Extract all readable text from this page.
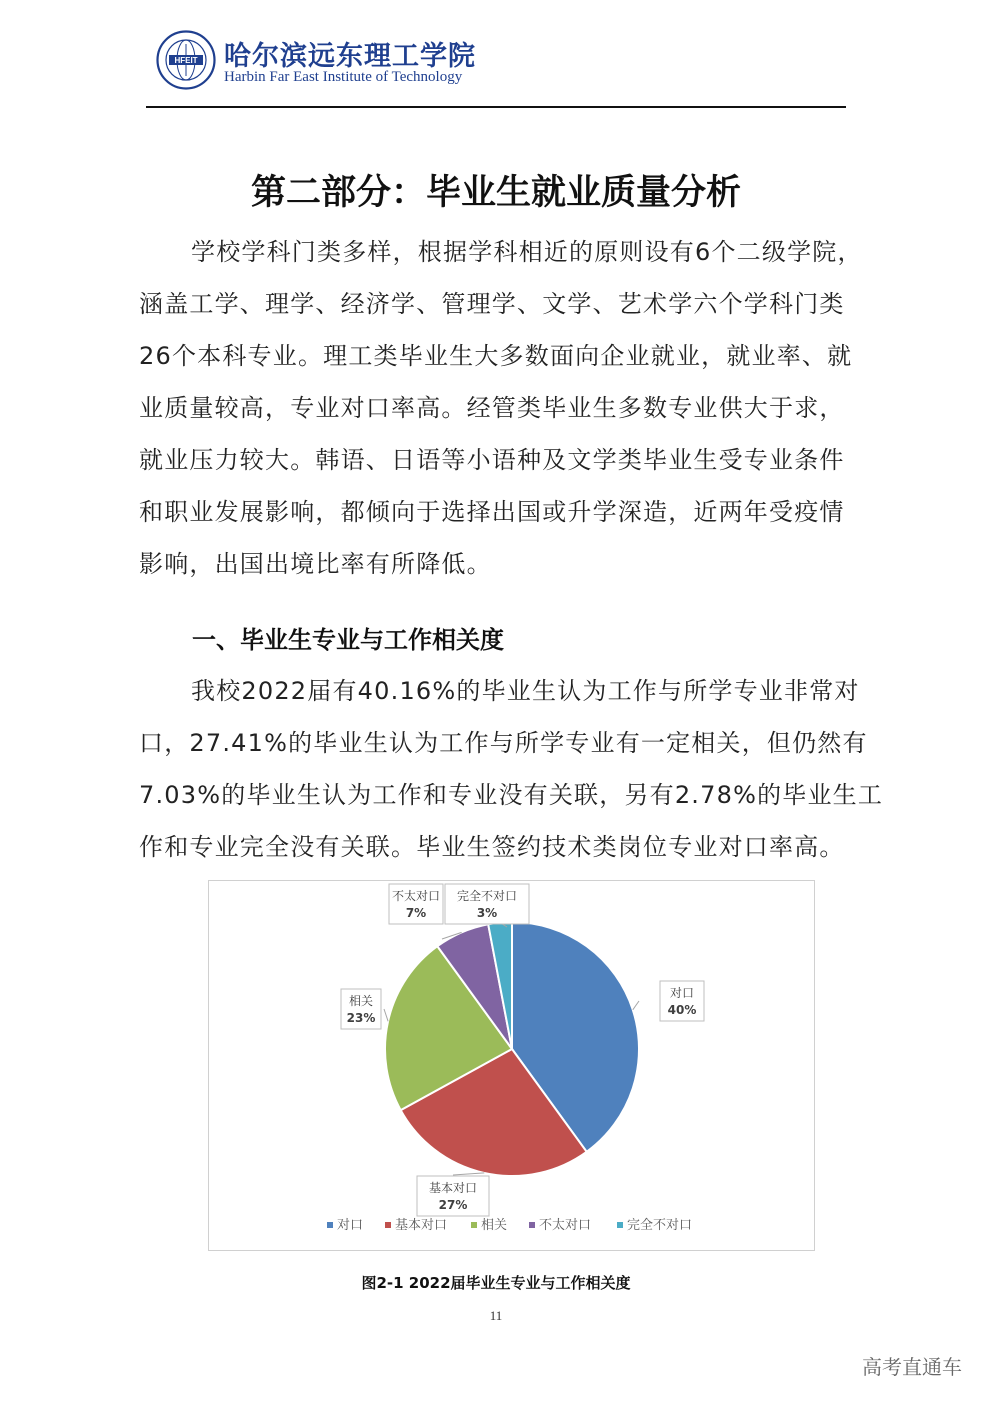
HFEIT 哈尔滨远东理工学院
Harbin Far East Institute of Technology
第二部分：毕业生就业质量分析
学校学科门类多样，根据学科相近的原则设有6个二级学院，
涵盖工学、理学、经济学、管理学、文学、艺术学六个学科门类
26个本科专业。理工类毕业生大多数面向企业就业，就业率、就
业质量较高，专业对口率高。经管类毕业生多数专业供大于求，
就业压力较大。韩语、日语等小语种及文学类毕业生受专业条件
和职业发展影响，都倾向于选择出国或升学深造，近两年受疫情
影响，出国出境比率有所降低。
一、毕业生专业与工作相关度
我校2022届有40.16%的毕业生认为工作与所学专业非常对
口，27.41%的毕业生认为工作与所学专业有一定相关，但仍然有
7.03%的毕业生认为工作和专业没有关联，另有2.78%的毕业生工
作和专业完全没有关联。毕业生签约技术类岗位专业对口率高。
对口
40%
基本对口
27%
相关
23%
不太对口
7%
完全不对口
3%
对口 基本对口	相关 不太对口	完全不对口
图2-1 2022届毕业生专业与工作相关度
11
高考直通车
